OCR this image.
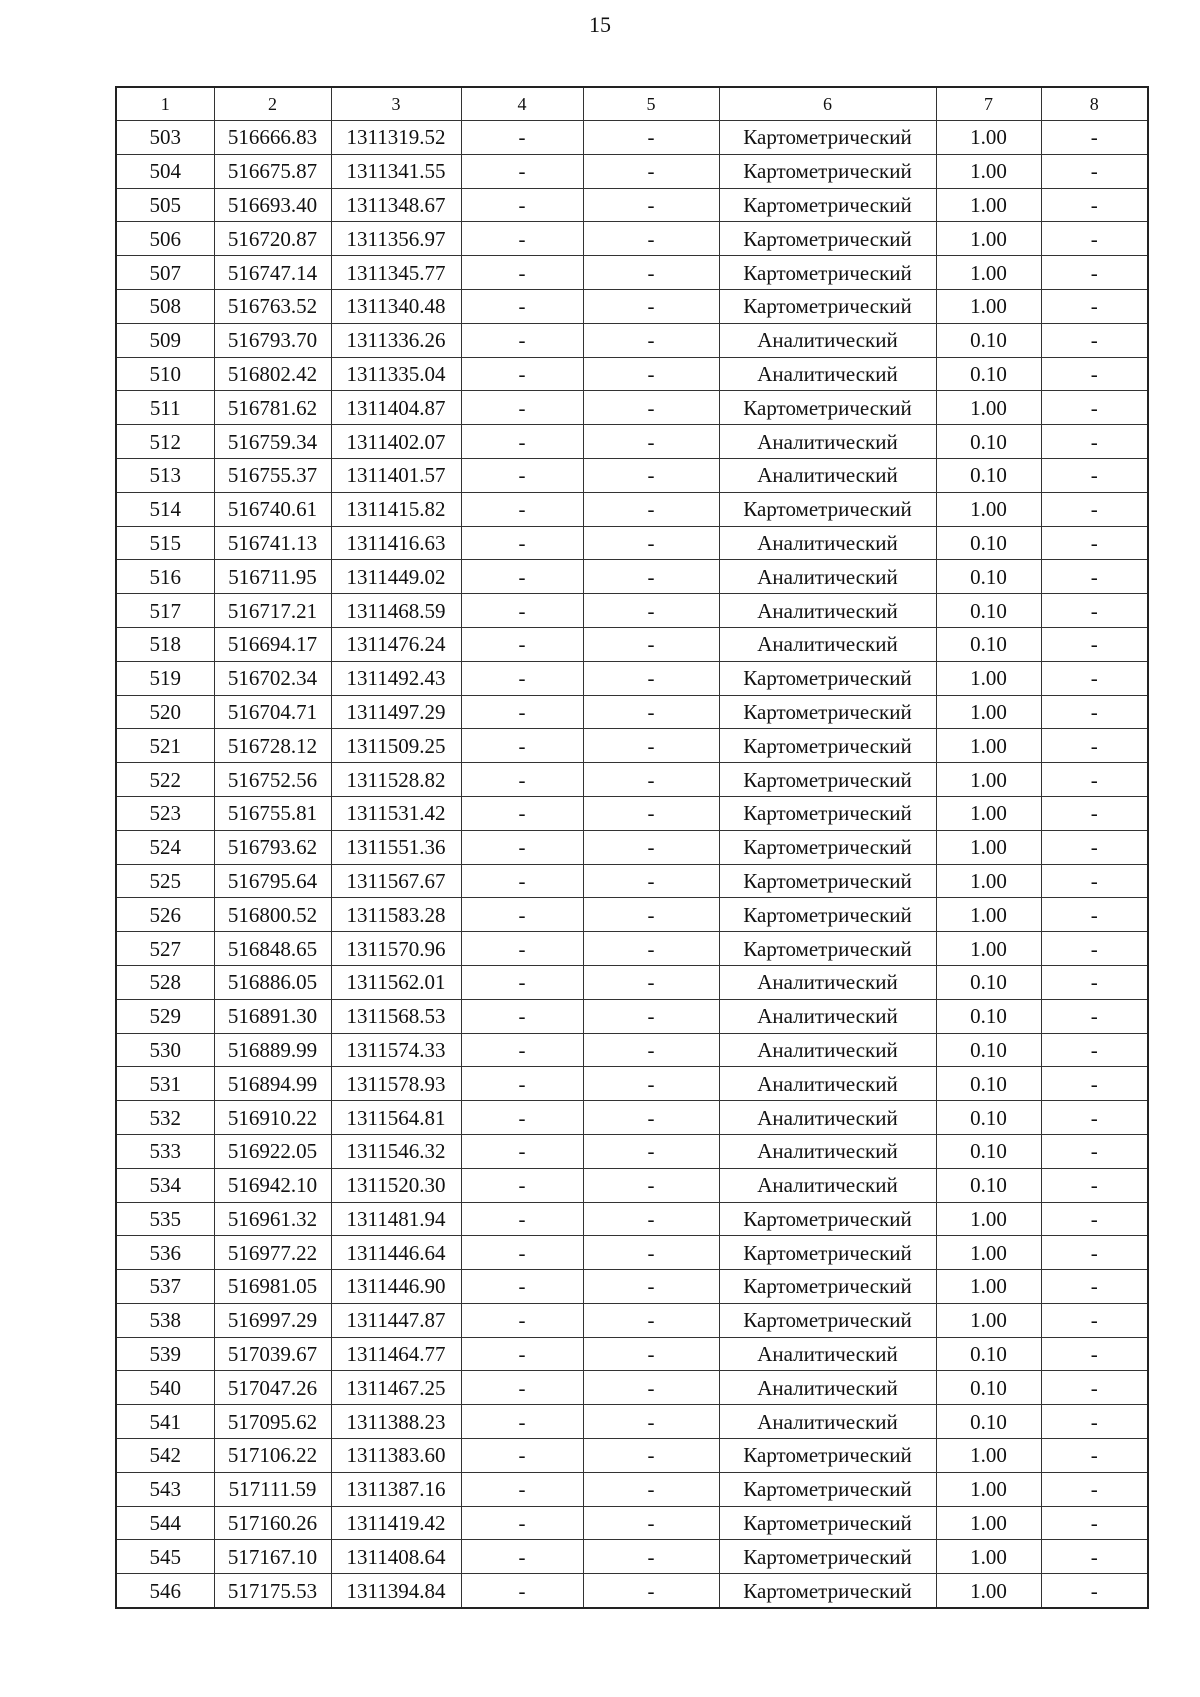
15
1	2	3	4	5	6	7	8
503	516666.83	1311319.52	-	-	Картометрический	1.00	-
504	516675.87	1311341.55	-	-	Картометрический	1.00	-
505	516693.40	1311348.67	-	-	Картометрический	1.00	-
506	516720.87	1311356.97	-	-	Картометрический	1.00	-
507	516747.14	1311345.77	-	-	Картометрический	1.00	-
508	516763.52	1311340.48	-	-	Картометрический	1.00	-
509	516793.70	1311336.26	-	-	Аналитический	0.10	-
510	516802.42	1311335.04	-	-	Аналитический	0.10	-
511	516781.62	1311404.87	-	-	Картометрический	1.00	-
512	516759.34	1311402.07	-	-	Аналитический	0.10	-
513	516755.37	1311401.57	-	-	Аналитический	0.10	-
514	516740.61	1311415.82	-	-	Картометрический	1.00	-
515	516741.13	1311416.63	-	-	Аналитический	0.10	-
516	516711.95	1311449.02	-	-	Аналитический	0.10	-
517	516717.21	1311468.59	-	-	Аналитический	0.10	-
518	516694.17	1311476.24	-	-	Аналитический	0.10	-
519	516702.34	1311492.43	-	-	Картометрический	1.00	-
520	516704.71	1311497.29	-	-	Картометрический	1.00	-
521	516728.12	1311509.25	-	-	Картометрический	1.00	-
522	516752.56	1311528.82	-	-	Картометрический	1.00	-
523	516755.81	1311531.42	-	-	Картометрический	1.00	-
524	516793.62	1311551.36	-	-	Картометрический	1.00	-
525	516795.64	1311567.67	-	-	Картометрический	1.00	-
526	516800.52	1311583.28	-	-	Картометрический	1.00	-
527	516848.65	1311570.96	-	-	Картометрический	1.00	-
528	516886.05	1311562.01	-	-	Аналитический	0.10	-
529	516891.30	1311568.53	-	-	Аналитический	0.10	-
530	516889.99	1311574.33	-	-	Аналитический	0.10	-
531	516894.99	1311578.93	-	-	Аналитический	0.10	-
532	516910.22	1311564.81	-	-	Аналитический	0.10	-
533	516922.05	1311546.32	-	-	Аналитический	0.10	-
534	516942.10	1311520.30	-	-	Аналитический	0.10	-
535	516961.32	1311481.94	-	-	Картометрический	1.00	-
536	516977.22	1311446.64	-	-	Картометрический	1.00	-
537	516981.05	1311446.90	-	-	Картометрический	1.00	-
538	516997.29	1311447.87	-	-	Картометрический	1.00	-
539	517039.67	1311464.77	-	-	Аналитический	0.10	-
540	517047.26	1311467.25	-	-	Аналитический	0.10	-
541	517095.62	1311388.23	-	-	Аналитический	0.10	-
542	517106.22	1311383.60	-	-	Картометрический	1.00	-
543	517111.59	1311387.16	-	-	Картометрический	1.00	-
544	517160.26	1311419.42	-	-	Картометрический	1.00	-
545	517167.10	1311408.64	-	-	Картометрический	1.00	-
546	517175.53	1311394.84	-	-	Картометрический	1.00	-
